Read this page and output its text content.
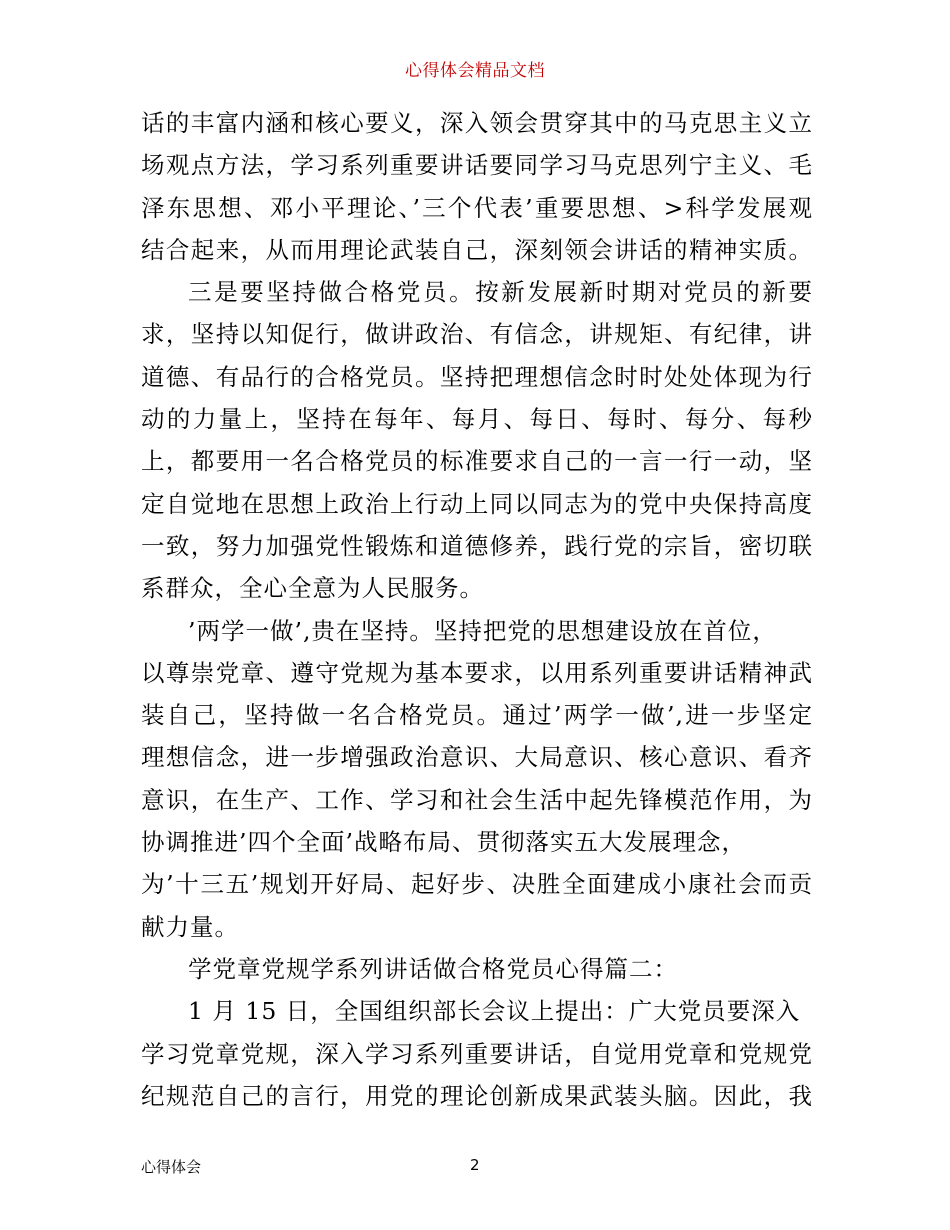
心得体会精品文档
话的丰富内涵和核心要义，深入领会贯穿其中的马克思主义立
场观点方法，学习系列重要讲话要同学习马克思列宁主义、毛
泽东思想、邓小平理论、’三个代表’重要思想、>科学发展观
结合起来，从而用理论武装自己，深刻领会讲话的精神实质。
三是要坚持做合格党员。按新发展新时期对党员的新要
求，坚持以知促行，做讲政治、有信念，讲规矩、有纪律，讲
道德、有品行的合格党员。坚持把理想信念时时处处体现为行
动的力量上，坚持在每年、每月、每日、每时、每分、每秒
上，都要用一名合格党员的标准要求自己的一言一行一动，坚
定自觉地在思想上政治上行动上同以同志为的党中央保持高度
一致，努力加强党性锻炼和道德修养，践行党的宗旨，密切联
系群众，全心全意为人民服务。
’两学一做’,贵在坚持。坚持把党的思想建设放在首位，
以尊崇党章、遵守党规为基本要求，以用系列重要讲话精神武
装自己，坚持做一名合格党员。通过’两学一做’,进一步坚定
理想信念，进一步增强政治意识、大局意识、核心意识、看齐
意识，在生产、工作、学习和社会生活中起先锋模范作用，为
协调推进’四个全面’战略布局、贯彻落实五大发展理念，
为’十三五’规划开好局、起好步、决胜全面建成小康社会而贡
献力量。
学党章党规学系列讲话做合格党员心得篇二：
1 月 15 日，全国组织部长会议上提出：广大党员要深入
学习党章党规，深入学习系列重要讲话，自觉用党章和党规党
纪规范自己的言行，用党的理论创新成果武装头脑。因此，我
心得体会	2
